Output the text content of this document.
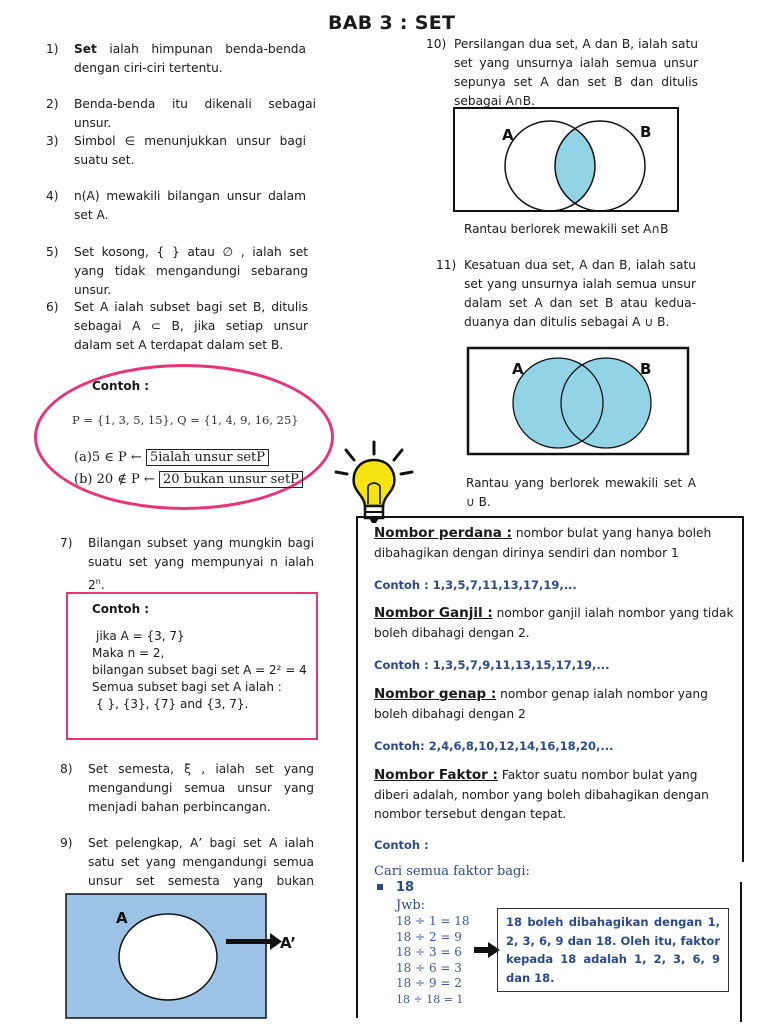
BAB 3 : SET
1) Set ialah himpunan benda-benda dengan ciri-ciri tertentu.
2) Benda-benda itu dikenali sebagai unsur.
3) Simbol ∈ menunjukkan unsur bagi suatu set.
4) n(A) mewakili bilangan unsur dalam set A.
5) Set kosong, { } atau ∅ , ialah set yang tidak mengandungi sebarang unsur.
6) Set A ialah subset bagi set B, ditulis sebagai A ⊂ B, jika setiap unsur dalam set A terdapat dalam set B.
Contoh :
P = {1, 3, 5, 15}, Q = {1, 4, 9, 16, 25}
(a)5 ∈ P ← 5ialah unsur setP
(b) 20 ∉ P ← 20 bukan unsur setP
7) Bilangan subset yang mungkin bagi suatu set yang mempunyai n ialah 2$^n$.
Contoh :
jika A = {3, 7}
Maka n = 2,
bilangan subset bagi set A = 2² = 4
Semua subset bagi set A ialah :
{ }, {3}, {7} and {3, 7}.
8) Set semesta, ξ , ialah set yang mengandungi semua unsur yang menjadi bahan perbincangan.
9) Set pelengkap, A’ bagi set A ialah satu set yang mengandungi semua unsur set semesta yang bukan
A
A’
10) Persilangan dua set, A dan B, ialah satu set yang unsurnya ialah semua unsur sepunya set A dan set B dan ditulis sebagai A∩B.
A	B
Rantau berlorek mewakili set A∩B
11) Kesatuan dua set, A dan B, ialah satu set yang unsurnya ialah semua unsur dalam set A dan set B atau kedua-duanya dan ditulis sebagai A ∪ B.
A	B
Rantau yang berlorek mewakili set A ∪ B.
Nombor perdana : nombor bulat yang hanya boleh dibahagikan dengan dirinya sendiri dan nombor 1
Contoh : 1,3,5,7,11,13,17,19,...
Nombor Ganjil : nombor ganjil ialah nombor yang tidak boleh dibahagi dengan 2.
Contoh : 1,3,5,7,9,11,13,15,17,19,...
Nombor genap : nombor genap ialah nombor yang boleh dibahagi dengan 2
Contoh: 2,4,6,8,10,12,14,16,18,20,...
Nombor Faktor : Faktor suatu nombor bulat yang diberi adalah, nombor yang boleh dibahagikan dengan nombor tersebut dengan tepat.
Contoh :
Cari semua faktor bagi:
18
Jwb:
18 ÷ 1 = 18
18 ÷ 2 = 9
18 ÷ 3 = 6
18 ÷ 6 = 3
18 ÷ 9 = 2
18 ÷ 18 = 1
18 boleh dibahagikan dengan 1, 2, 3, 6, 9 dan 18. Oleh itu, faktor kepada 18 adalah 1, 2, 3, 6, 9 dan 18.
